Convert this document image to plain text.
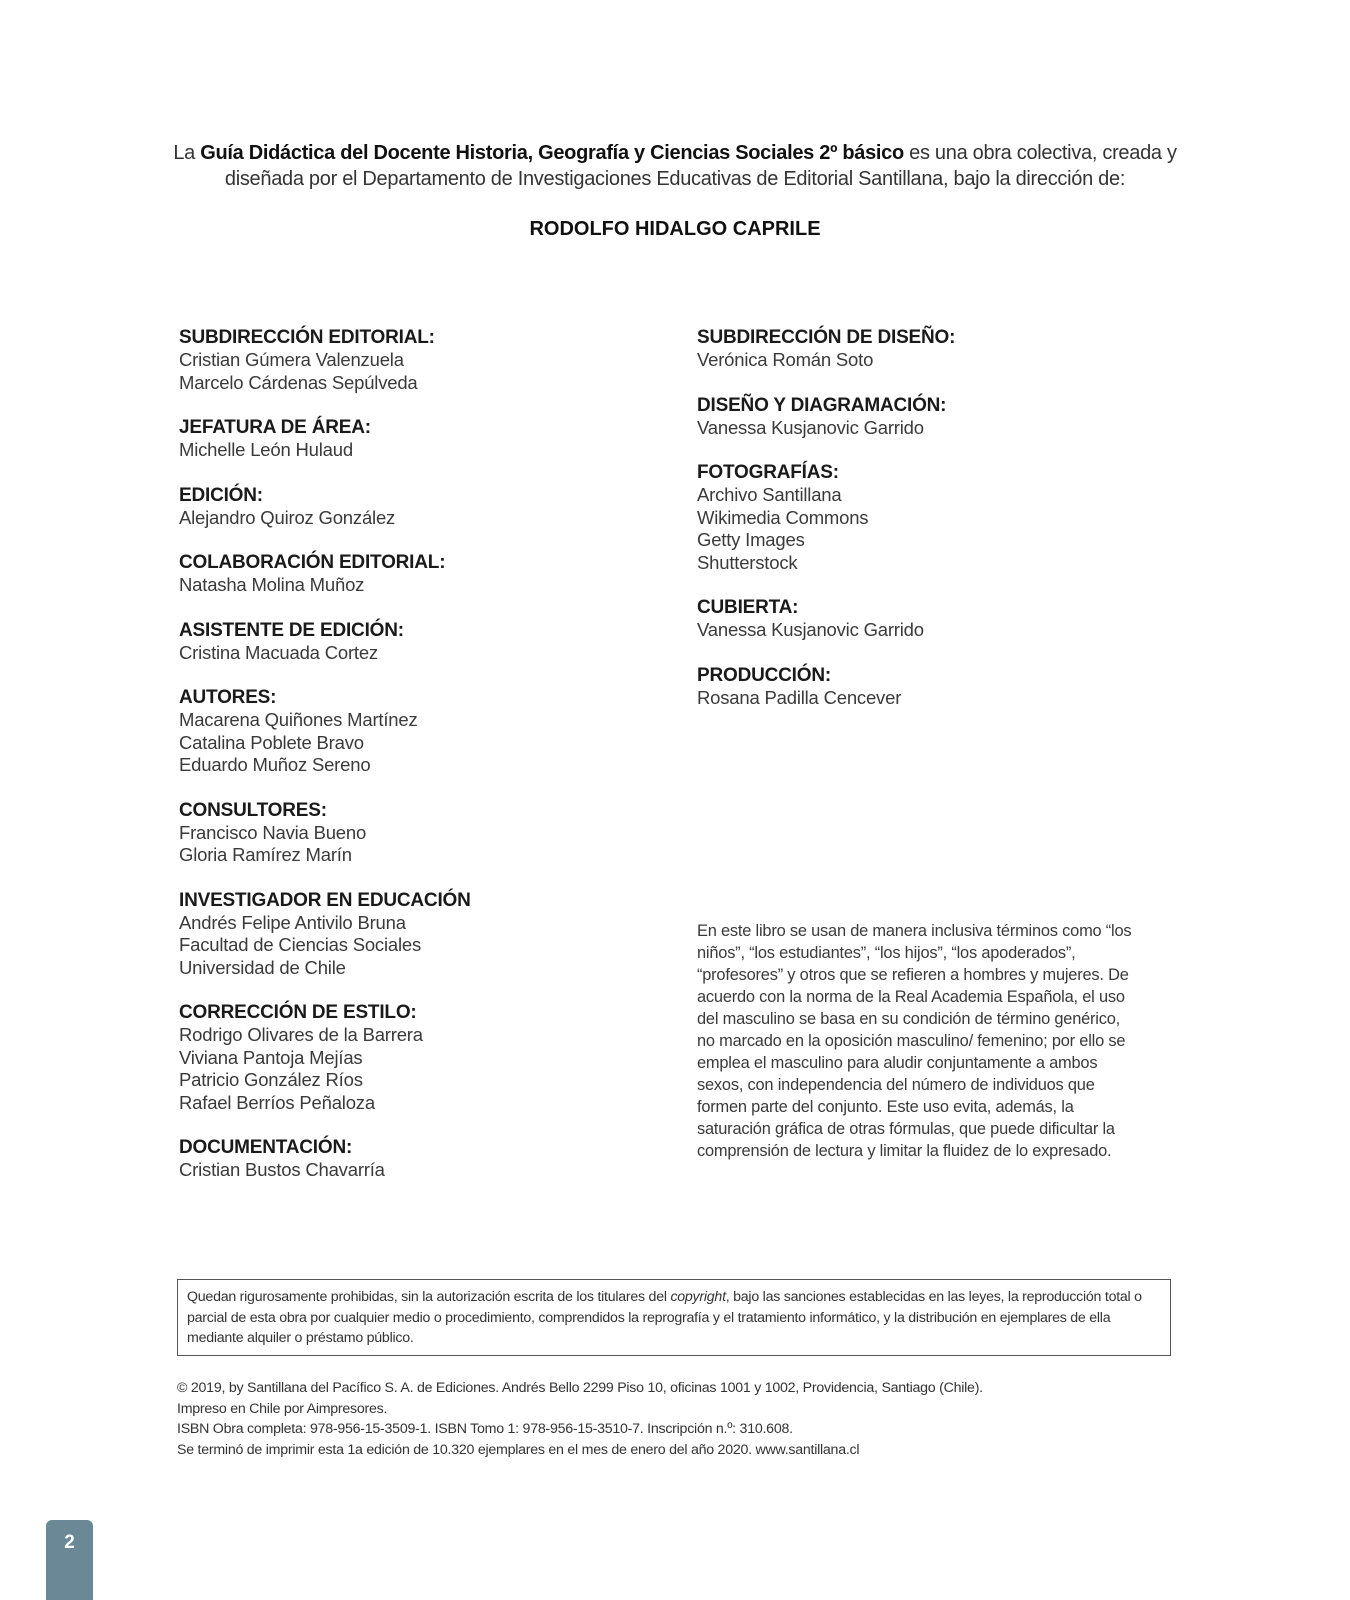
La Guía Didáctica del Docente Historia, Geografía y Ciencias Sociales 2º básico es una obra colectiva, creada y diseñada por el Departamento de Investigaciones Educativas de Editorial Santillana, bajo la dirección de:
RODOLFO HIDALGO CAPRILE
SUBDIRECCIÓN EDITORIAL:
Cristian Gúmera Valenzuela
Marcelo Cárdenas Sepúlveda
JEFATURA DE ÁREA:
Michelle León Hulaud
EDICIÓN:
Alejandro Quiroz González
COLABORACIÓN EDITORIAL:
Natasha Molina Muñoz
ASISTENTE DE EDICIÓN:
Cristina Macuada Cortez
AUTORES:
Macarena Quiñones Martínez
Catalina Poblete Bravo
Eduardo Muñoz Sereno
CONSULTORES:
Francisco Navia Bueno
Gloria Ramírez Marín
INVESTIGADOR EN EDUCACIÓN
Andrés Felipe Antivilo Bruna
Facultad de Ciencias Sociales
Universidad de Chile
CORRECCIÓN DE ESTILO:
Rodrigo Olivares de la Barrera
Viviana Pantoja Mejías
Patricio González Ríos
Rafael Berríos Peñaloza
DOCUMENTACIÓN:
Cristian Bustos Chavarría
SUBDIRECCIÓN DE DISEÑO:
Verónica Román Soto
DISEÑO Y DIAGRAMACIÓN:
Vanessa Kusjanovic Garrido
FOTOGRAFÍAS:
Archivo Santillana
Wikimedia Commons
Getty Images
Shutterstock
CUBIERTA:
Vanessa Kusjanovic Garrido
PRODUCCIÓN:
Rosana Padilla Cencever
En este libro se usan de manera inclusiva términos como “los niños”, “los estudiantes”, “los hijos”, “los apoderados”, “profesores” y otros que se refieren a hombres y mujeres. De acuerdo con la norma de la Real Academia Española, el uso del masculino se basa en su condición de término genérico, no marcado en la oposición masculino/ femenino; por ello se emplea el masculino para aludir conjuntamente a ambos sexos, con independencia del número de individuos que formen parte del conjunto. Este uso evita, además, la saturación gráfica de otras fórmulas, que puede dificultar la comprensión de lectura y limitar la fluidez de lo expresado.
Quedan rigurosamente prohibidas, sin la autorización escrita de los titulares del copyright, bajo las sanciones establecidas en las leyes, la reproducción total o parcial de esta obra por cualquier medio o procedimiento, comprendidos la reprografía y el tratamiento informático, y la distribución en ejemplares de ella mediante alquiler o préstamo público.
© 2019, by Santillana del Pacífico S. A. de Ediciones. Andrés Bello 2299 Piso 10, oficinas 1001 y 1002, Providencia, Santiago (Chile).
Impreso en Chile por Aimpresores.
ISBN Obra completa: 978-956-15-3509-1. ISBN Tomo 1: 978-956-15-3510-7. Inscripción n.º: 310.608.
Se terminó de imprimir esta 1a edición de 10.320 ejemplares en el mes de enero del año 2020. www.santillana.cl
2
